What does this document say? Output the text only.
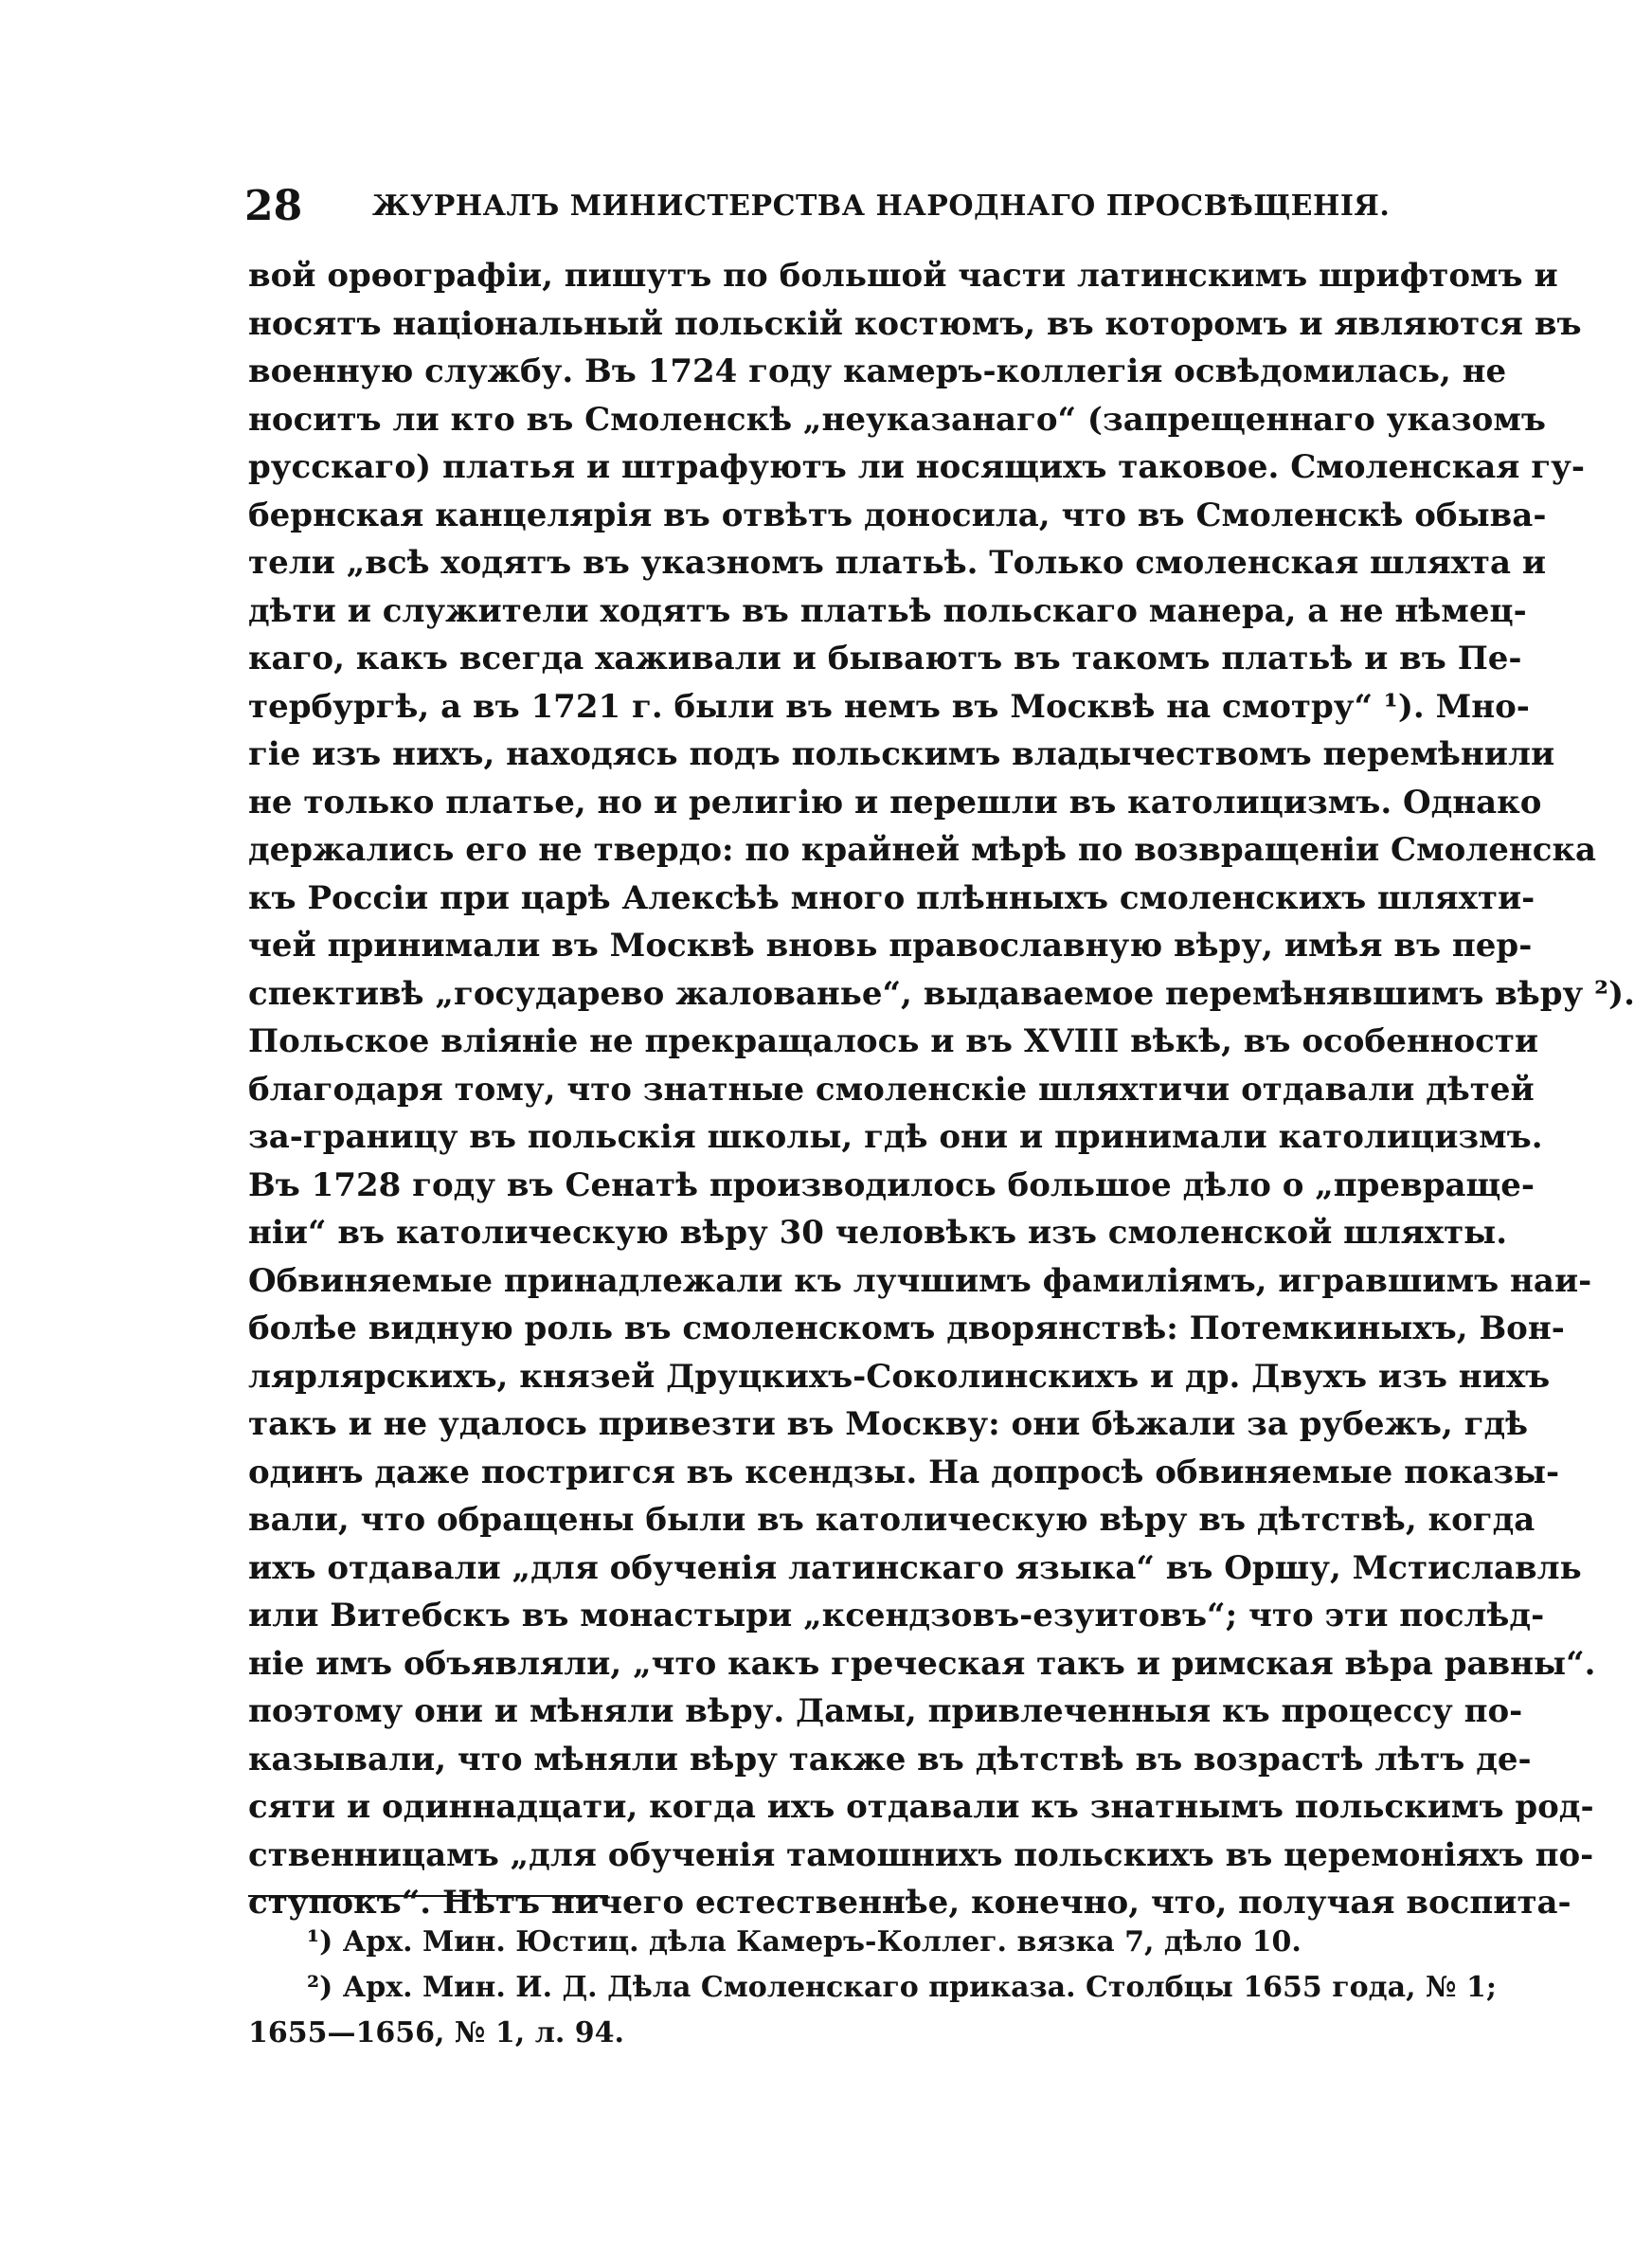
28 ЖУРНАЛЪ МИНИСТЕРСТВА НАРОДНАГО ПРОСВѢЩЕНІЯ.
вой орѳографіи, пишутъ по большой части латинскимъ шрифтомъ и
носятъ національный польскій костюмъ, въ которомъ и являются въ
военную службу. Въ 1724 году камеръ-коллегія освѣдомилась, не
носитъ ли кто въ Смоленскѣ „неуказанаго“ (запрещеннаго указомъ
русскаго) платья и штрафуютъ ли носящихъ таковое. Смоленская гу-
бернская канцелярія въ отвѣтъ доносила, что въ Смоленскѣ обыва-
тели „всѣ ходятъ въ указномъ платьѣ. Только смоленская шляхта и
дѣти и служители ходятъ въ платьѣ польскаго манера, а не нѣмец-
каго, какъ всегда хаживали и бываютъ въ такомъ платьѣ и въ Пе-
тербургѣ, а въ 1721 г. были въ немъ въ Москвѣ на смотру“ ¹). Мно-
гіе изъ нихъ, находясь подъ польскимъ владычествомъ перемѣнили
не только платье, но и религію и перешли въ католицизмъ. Однако
держались его не твердо: по крайней мѣрѣ по возвращеніи Смоленска
къ Россіи при царѣ Алексѣѣ много плѣнныхъ смоленскихъ шляхти-
чей принимали въ Москвѣ вновь православную вѣру, имѣя въ пер-
спективѣ „государево жалованье“, выдаваемое перемѣнявшимъ вѣру ²).
Польское вліяніе не прекращалось и въ XVIII вѣкѣ, въ особенности
благодаря тому, что знатные смоленскіе шляхтичи отдавали дѣтей
за-границу въ польскія школы, гдѣ они и принимали католицизмъ.
Въ 1728 году въ Сенатѣ производилось большое дѣло о „превраще-
ніи“ въ католическую вѣру 30 человѣкъ изъ смоленской шляхты.
Обвиняемые принадлежали къ лучшимъ фамиліямъ, игравшимъ наи-
болѣе видную роль въ смоленскомъ дворянствѣ: Потемкиныхъ, Вон-
лярлярскихъ, князей Друцкихъ-Соколинскихъ и др. Двухъ изъ нихъ
такъ и не удалось привезти въ Москву: они бѣжали за рубежъ, гдѣ
одинъ даже постригся въ ксендзы. На допросѣ обвиняемые показы-
вали, что обращены были въ католическую вѣру въ дѣтствѣ, когда
ихъ отдавали „для обученія латинскаго языка“ въ Оршу, Мстиславль
или Витебскъ въ монастыри „ксендзовъ-езуитовъ“; что эти послѣд-
ніе имъ объявляли, „что какъ греческая такъ и римская вѣра равны“.
поэтому они и мѣняли вѣру. Дамы, привлеченныя къ процессу по-
казывали, что мѣняли вѣру также въ дѣтствѣ въ возрастѣ лѣтъ де-
сяти и одиннадцати, когда ихъ отдавали къ знатнымъ польскимъ род-
ственницамъ „для обученія тамошнихъ польскихъ въ церемоніяхъ по-
ступокъ“. Нѣтъ ничего естественнѣе, конечно, что, получая воспита-
¹) Арх. Мин. Юстиц. дѣла Камеръ-Коллег. вязка 7, дѣло 10.
²) Арх. Мин. И. Д. Дѣла Смоленскаго приказа. Столбцы 1655 года, № 1;
1655—1656, № 1, л. 94.
